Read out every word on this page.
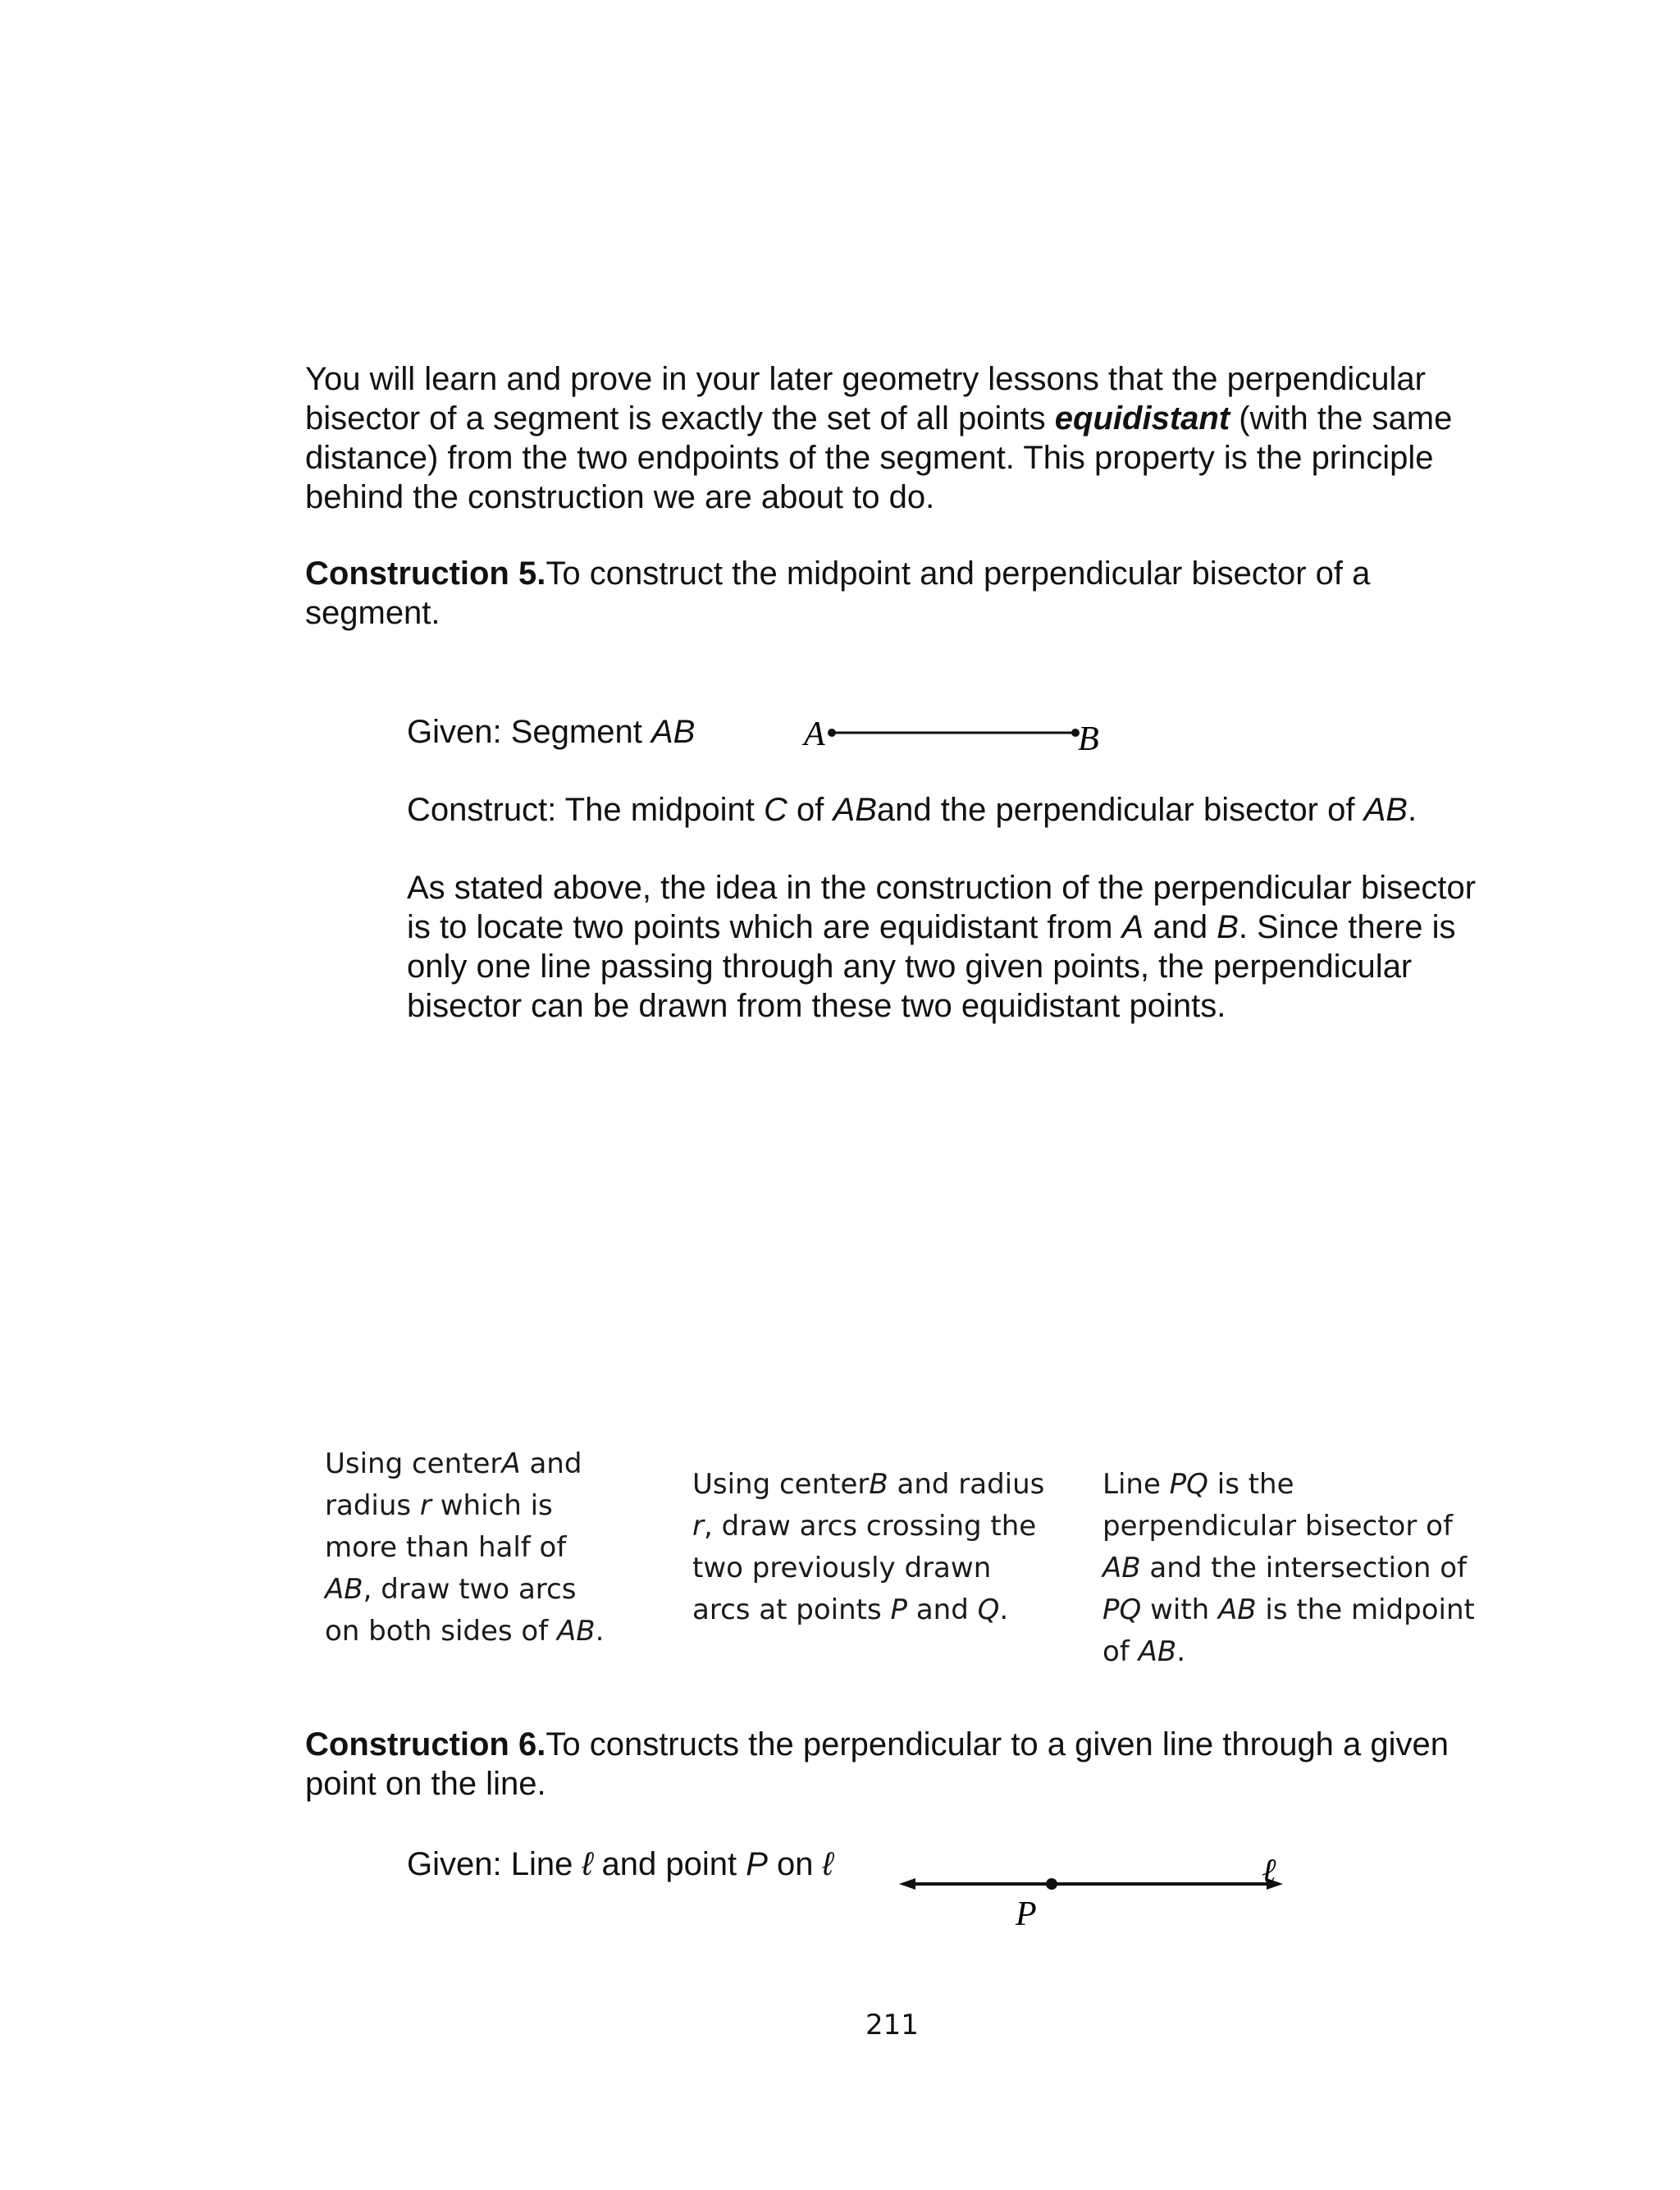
You will learn and prove in your later geometry lessons that the perpendicular bisector of a segment is exactly the set of all points equidistant (with the same distance) from the two endpoints of the segment. This property is the principle behind the construction we are about to do.

Construction 5.To construct the midpoint and perpendicular bisector of a segment.

Given: Segment AB	A	B

Construct: The midpoint C of ABand the perpendicular bisector of AB.

As stated above, the idea in the construction of the perpendicular bisector is to locate two points which are equidistant from A and B. Since there is only one line passing through any two given points, the perpendicular bisector can be drawn from these two equidistant points.

Using centerA and radius r which is more than half of AB, draw two arcs on both sides of AB.

Using centerB and radius r, draw arcs crossing the two previously drawn arcs at points P and Q.

Line PQ is the perpendicular bisector of AB and the intersection of PQ with AB is the midpoint of AB.

Construction 6.To constructs the perpendicular to a given line through a given point on the line.

Given: Line ℓ and point P on ℓ

P
ℓ
211
